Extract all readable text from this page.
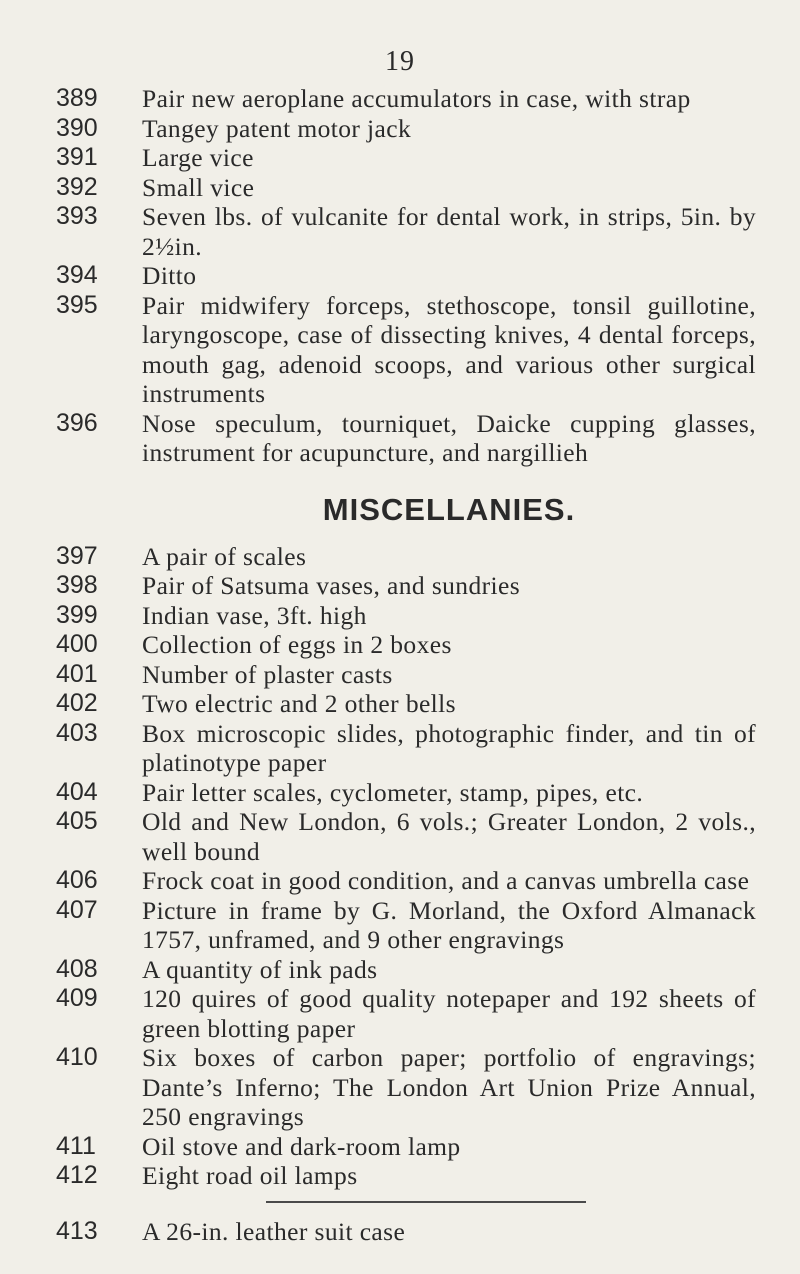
19
389	Pair new aeroplane accumulators in case, with strap
390	Tangey patent motor jack
391	Large vice
392	Small vice
393	Seven lbs. of vulcanite for dental work, in strips, 5in. by 2½in.
394	Ditto
395	Pair midwifery forceps, stethoscope, tonsil guillotine, laryngoscope, case of dissecting knives, 4 dental forceps, mouth gag, adenoid scoops, and various other surgical instruments
396	Nose speculum, tourniquet, Daicke cupping glasses, instrument for acupuncture, and nargillieh
MISCELLANIES.
397	A pair of scales
398	Pair of Satsuma vases, and sundries
399	Indian vase, 3ft. high
400	Collection of eggs in 2 boxes
401	Number of plaster casts
402	Two electric and 2 other bells
403	Box microscopic slides, photographic finder, and tin of platinotype paper
404	Pair letter scales, cyclometer, stamp, pipes, etc.
405	Old and New London, 6 vols.; Greater London, 2 vols., well bound
406	Frock coat in good condition, and a canvas umbrella case
407	Picture in frame by G. Morland, the Oxford Almanack 1757, unframed, and 9 other engravings
408	A quantity of ink pads
409	120 quires of good quality notepaper and 192 sheets of green blotting paper
410	Six boxes of carbon paper; portfolio of engravings; Dante’s Inferno; The London Art Union Prize Annual, 250 engravings
411	Oil stove and dark-room lamp
412	Eight road oil lamps
413	A 26-in. leather suit case
